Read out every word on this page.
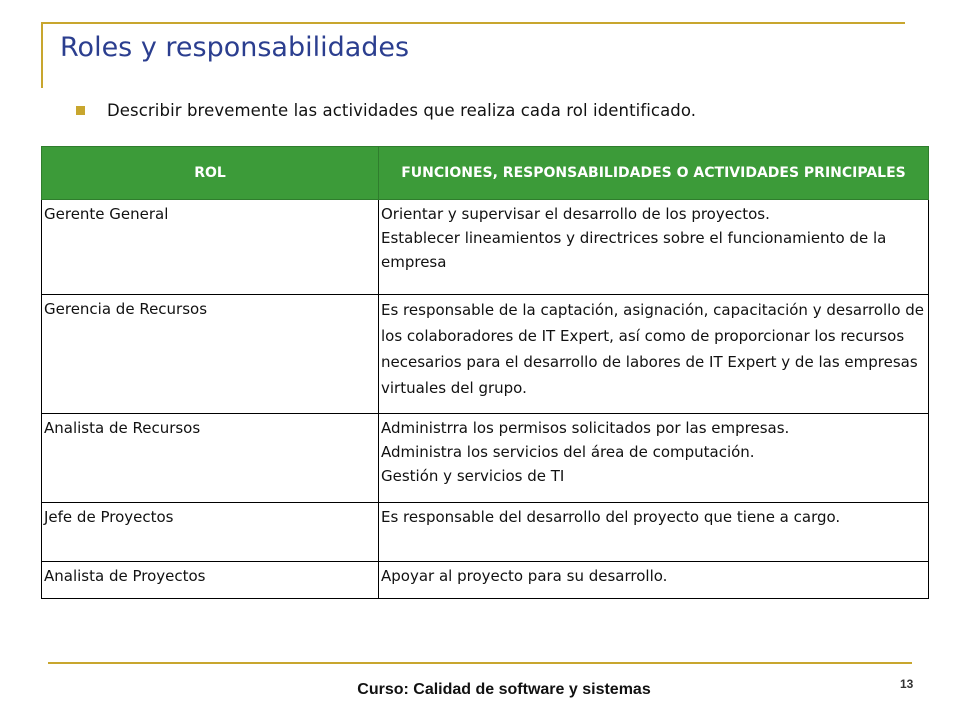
Roles y responsabilidades
Describir brevemente las actividades que realiza cada rol identificado.
ROL	FUNCIONES, RESPONSABILIDADES O ACTIVIDADES PRINCIPALES
Gerente General	Orientar y supervisar el desarrollo de los proyectos.
Establecer lineamientos y directrices sobre el funcionamiento de la empresa

Gerencia de Recursos	Es responsable de la captación, asignación, capacitación y desarrollo de los colaboradores de IT Expert, así como de proporcionar los recursos necesarios para el desarrollo de labores de IT Expert y de las empresas virtuales del grupo.

Analista de Recursos	Administrra los permisos solicitados por las empresas.
Administra los servicios del área de computación.
Gestión y servicios de TI

Jefe de Proyectos	Es responsable del desarrollo del proyecto que tiene a cargo.

Analista de Proyectos	Apoyar al proyecto para su desarrollo.
Curso: Calidad de software y sistemas	13
